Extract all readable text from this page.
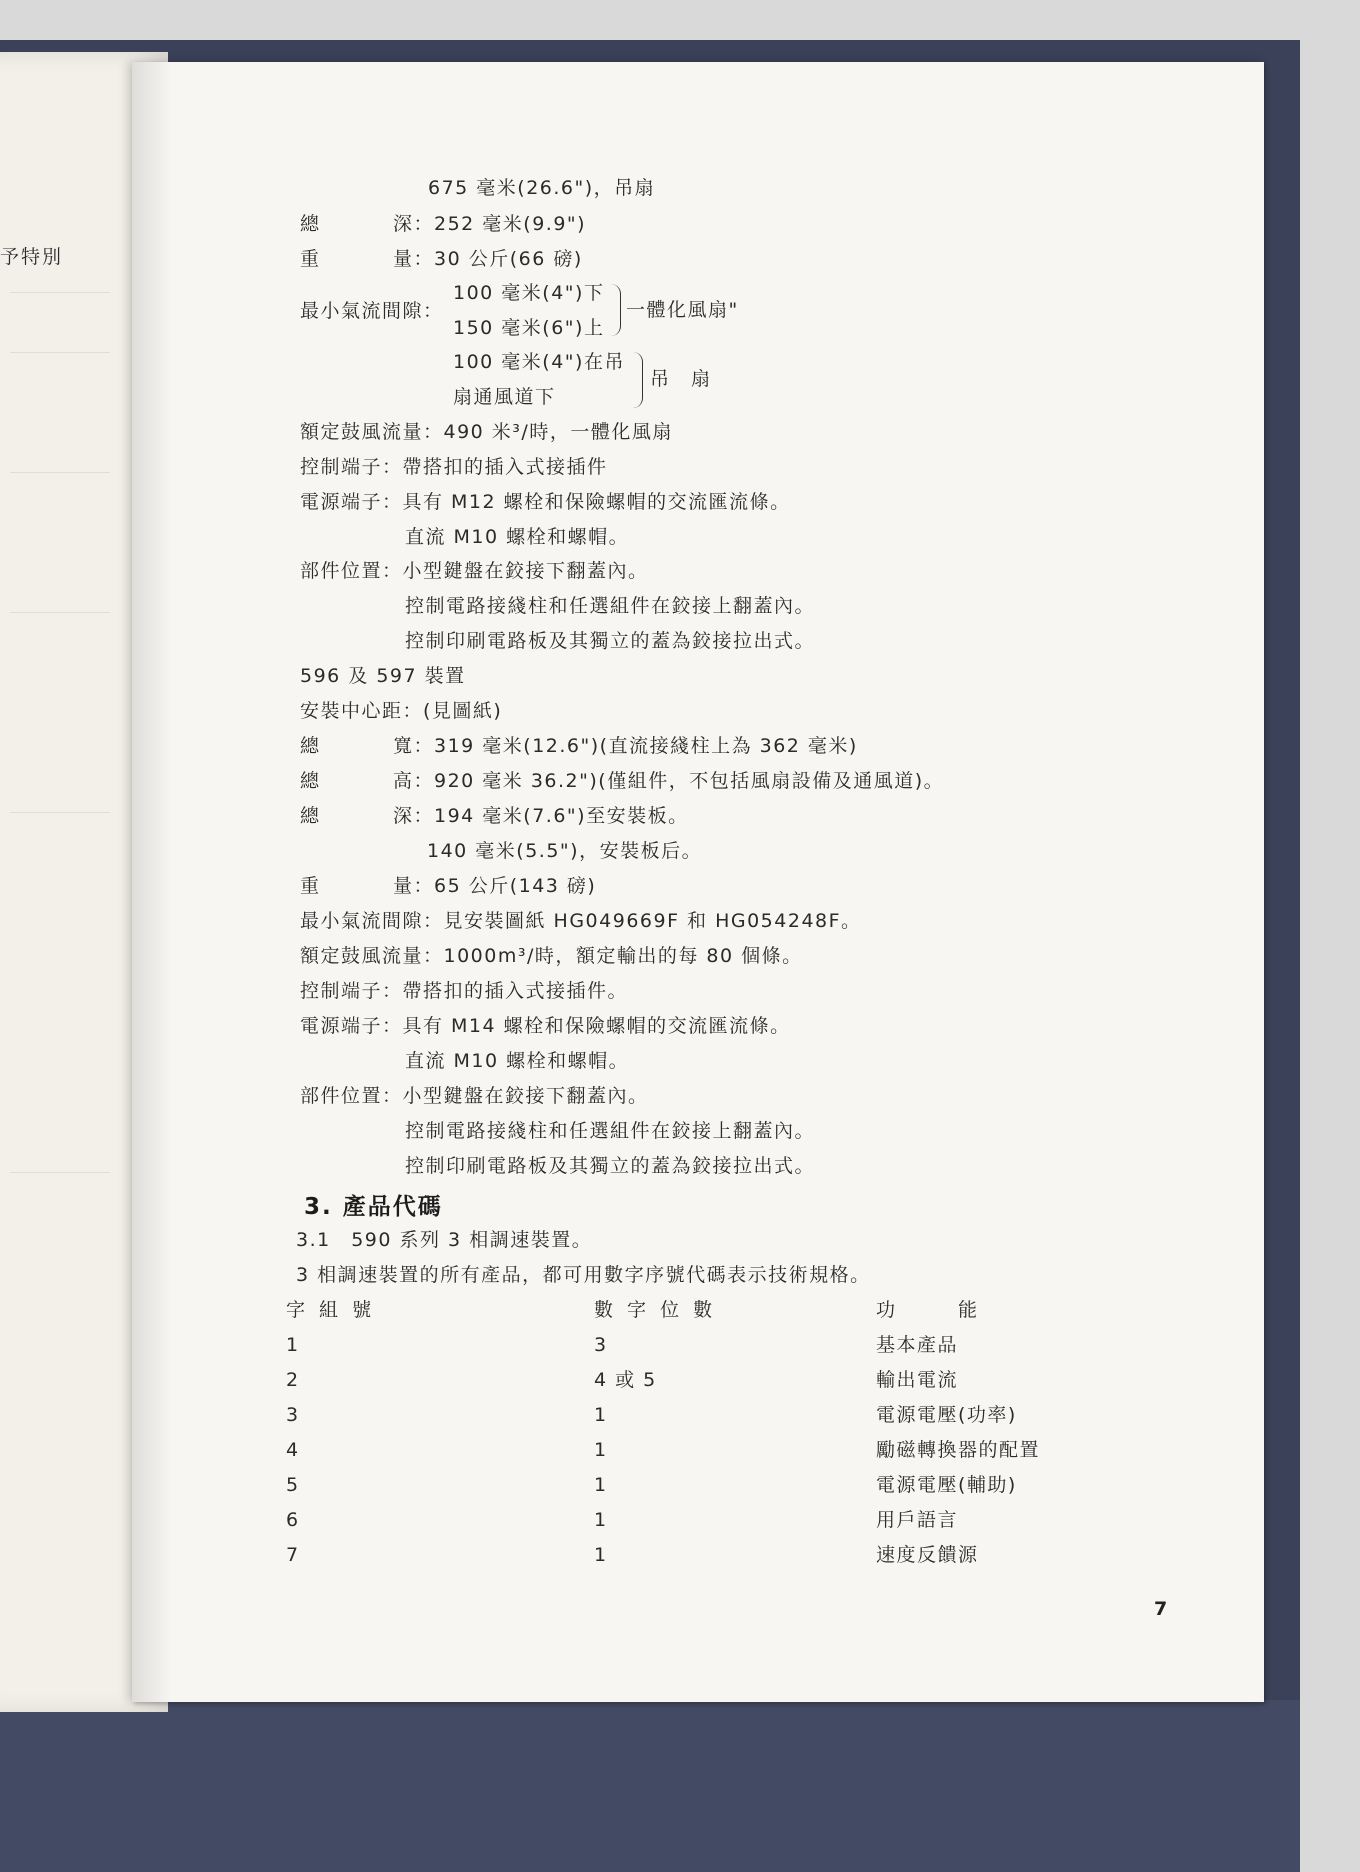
予特別
675 毫米(26.6")，吊扇
總	深：252 毫米(9.9")
重	量：30 公斤(66 磅)
最小氣流間隙：
100 毫米(4")下
150 毫米(6")上
一體化風扇"
100 毫米(4")在吊
扇通風道下
吊　扇
額定鼓風流量：490 米³/時，一體化風扇
控制端子：帶搭扣的插入式接插件
電源端子：具有 M12 螺栓和保險螺帽的交流匯流條。
直流 M10 螺栓和螺帽。
部件位置：小型鍵盤在鉸接下翻蓋內。
控制電路接綫柱和任選組件在鉸接上翻蓋內。
控制印刷電路板及其獨立的蓋為鉸接拉出式。
596 及 597 裝置
安裝中心距：(見圖紙)
總	寬：319 毫米(12.6")(直流接綫柱上為 362 毫米)
總	高：920 毫米 36.2")(僅組件，不包括風扇設備及通風道)。
總	深：194 毫米(7.6")至安裝板。
140 毫米(5.5")，安裝板后。
重	量：65 公斤(143 磅)
最小氣流間隙：見安裝圖紙 HG049669F 和 HG054248F。
額定鼓風流量：1000m³/時，額定輸出的每 80 個條。
控制端子：帶搭扣的插入式接插件。
電源端子：具有 M14 螺栓和保險螺帽的交流匯流條。
直流 M10 螺栓和螺帽。
部件位置：小型鍵盤在鉸接下翻蓋內。
控制電路接綫柱和任選組件在鉸接上翻蓋內。
控制印刷電路板及其獨立的蓋為鉸接拉出式。
3. 產品代碼
3.1　590 系列 3 相調速裝置。
3 相調速裝置的所有產品，都可用數字序號代碼表示技術規格。
字 組 號	數 字 位 數	功　　　能
1	3	基本產品
2	4 或 5	輸出電流
3	1	電源電壓(功率)
4	1	勵磁轉換器的配置
5	1	電源電壓(輔助)
6	1	用戶語言
7	1	速度反饋源
7
